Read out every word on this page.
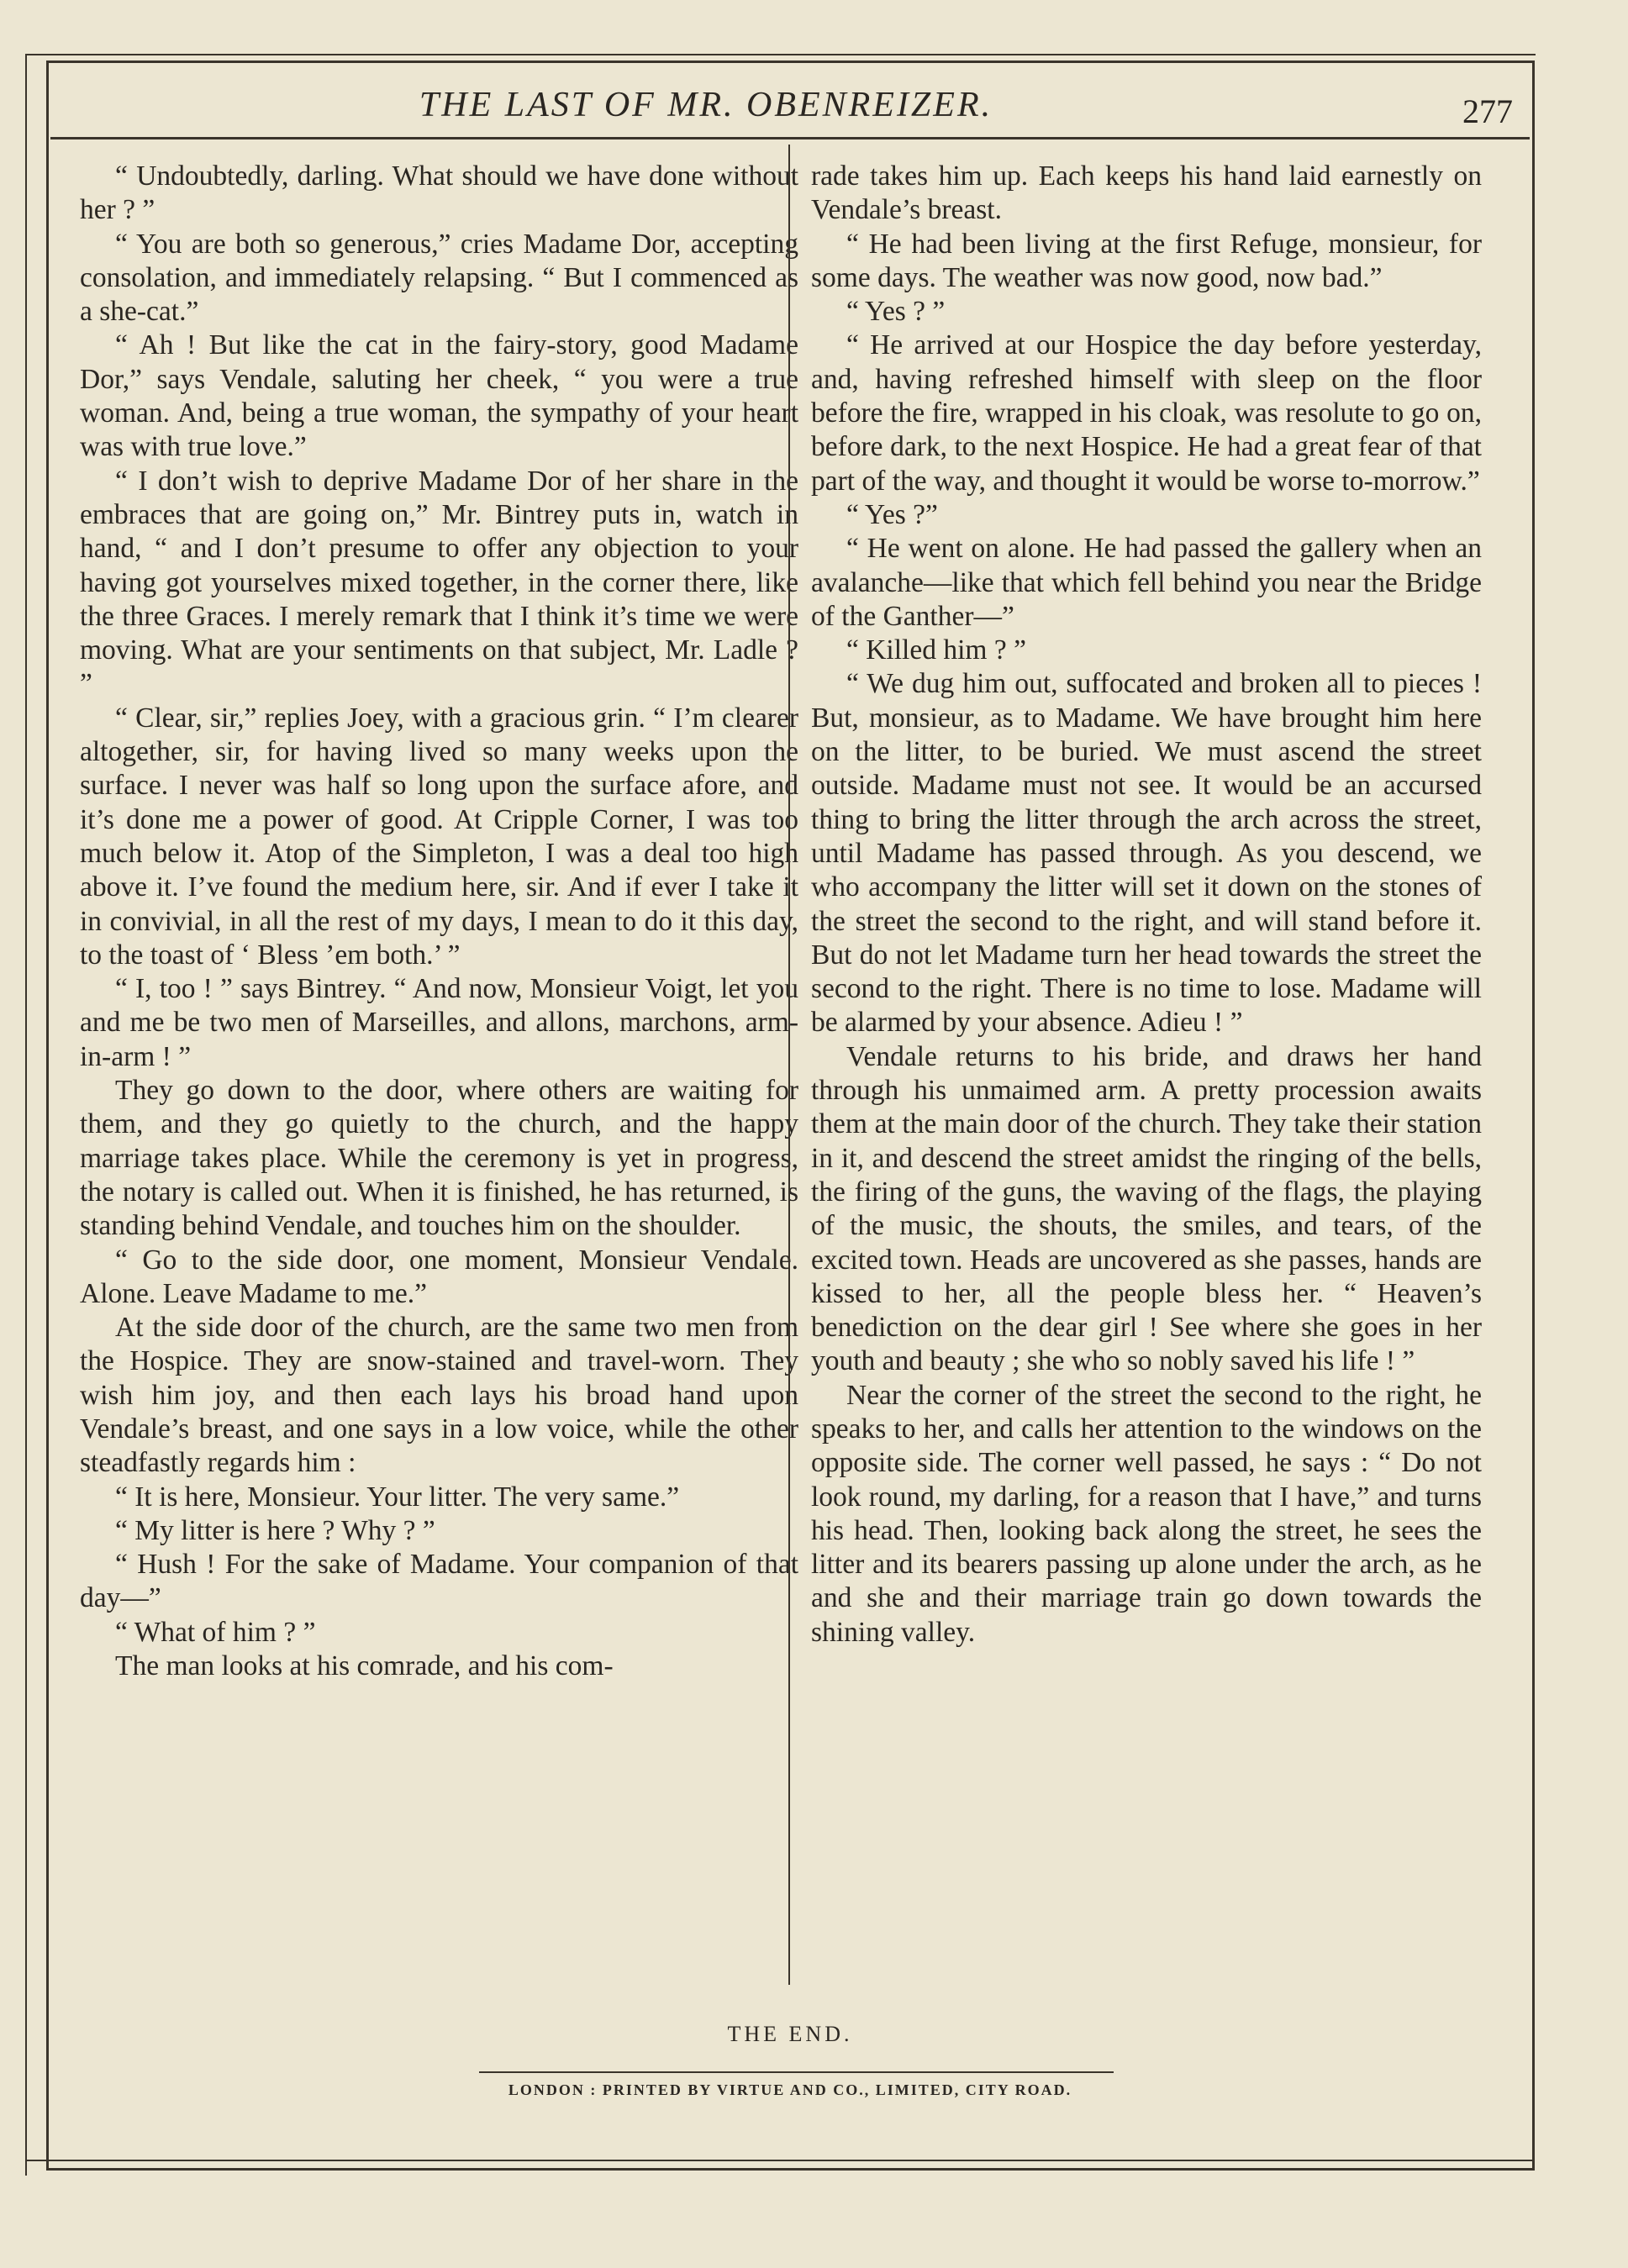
THE LAST OF MR. OBENREIZER.	277

“ Undoubtedly, darling. What should we have done without her ? ”

“ You are both so generous,” cries Madame Dor, accepting consolation, and immediately relapsing. “ But I commenced as a she-cat.”

“ Ah ! But like the cat in the fairy-story, good Madame Dor,” says Vendale, saluting her cheek, “ you were a true woman. And, being a true woman, the sympathy of your heart was with true love.”

“ I don’t wish to deprive Madame Dor of her share in the embraces that are going on,” Mr. Bintrey puts in, watch in hand, “ and I don’t presume to offer any objection to your having got yourselves mixed together, in the corner there, like the three Graces. I merely remark that I think it’s time we were moving. What are your sentiments on that subject, Mr. Ladle ? ”

“ Clear, sir,” replies Joey, with a gracious grin. “ I’m clearer altogether, sir, for having lived so many weeks upon the surface. I never was half so long upon the surface afore, and it’s done me a power of good. At Cripple Corner, I was too much below it. Atop of the Simpleton, I was a deal too high above it. I’ve found the medium here, sir. And if ever I take it in convivial, in all the rest of my days, I mean to do it this day, to the toast of ‘ Bless ’em both.’ ”

“ I, too ! ” says Bintrey. “ And now, Monsieur Voigt, let you and me be two men of Marseilles, and allons, marchons, arm-in-arm ! ”

They go down to the door, where others are waiting for them, and they go quietly to the church, and the happy marriage takes place. While the ceremony is yet in progress, the notary is called out. When it is finished, he has returned, is standing behind Vendale, and touches him on the shoulder.

“ Go to the side door, one moment, Monsieur Vendale. Alone. Leave Madame to me.”

At the side door of the church, are the same two men from the Hospice. They are snow-stained and travel-worn. They wish him joy, and then each lays his broad hand upon Vendale’s breast, and one says in a low voice, while the other steadfastly regards him :

“ It is here, Monsieur. Your litter. The very same.”

“ My litter is here ? Why ? ”

“ Hush ! For the sake of Madame. Your companion of that day—”

“ What of him ? ”

The man looks at his comrade, and his com-

rade takes him up. Each keeps his hand laid earnestly on Vendale’s breast.

“ He had been living at the first Refuge, monsieur, for some days. The weather was now good, now bad.”

“ Yes ? ”

“ He arrived at our Hospice the day before yesterday, and, having refreshed himself with sleep on the floor before the fire, wrapped in his cloak, was resolute to go on, before dark, to the next Hospice. He had a great fear of that part of the way, and thought it would be worse to-morrow.”

“ Yes ?”

“ He went on alone. He had passed the gallery when an avalanche—like that which fell behind you near the Bridge of the Ganther—”

“ Killed him ? ”

“ We dug him out, suffocated and broken all to pieces ! But, monsieur, as to Madame. We have brought him here on the litter, to be buried. We must ascend the street outside. Madame must not see. It would be an accursed thing to bring the litter through the arch across the street, until Madame has passed through. As you descend, we who accompany the litter will set it down on the stones of the street the second to the right, and will stand before it. But do not let Madame turn her head towards the street the second to the right. There is no time to lose. Madame will be alarmed by your absence. Adieu ! ”

Vendale returns to his bride, and draws her hand through his unmaimed arm. A pretty procession awaits them at the main door of the church. They take their station in it, and descend the street amidst the ringing of the bells, the firing of the guns, the waving of the flags, the playing of the music, the shouts, the smiles, and tears, of the excited town. Heads are uncovered as she passes, hands are kissed to her, all the people bless her. “ Heaven’s benediction on the dear girl ! See where she goes in her youth and beauty ; she who so nobly saved his life ! ”

Near the corner of the street the second to the right, he speaks to her, and calls her attention to the windows on the opposite side. The corner well passed, he says : “ Do not look round, my darling, for a reason that I have,” and turns his head. Then, looking back along the street, he sees the litter and its bearers passing up alone under the arch, as he and she and their marriage train go down towards the shining valley.

THE END.
LONDON : PRINTED BY VIRTUE AND CO., LIMITED, CITY ROAD.
